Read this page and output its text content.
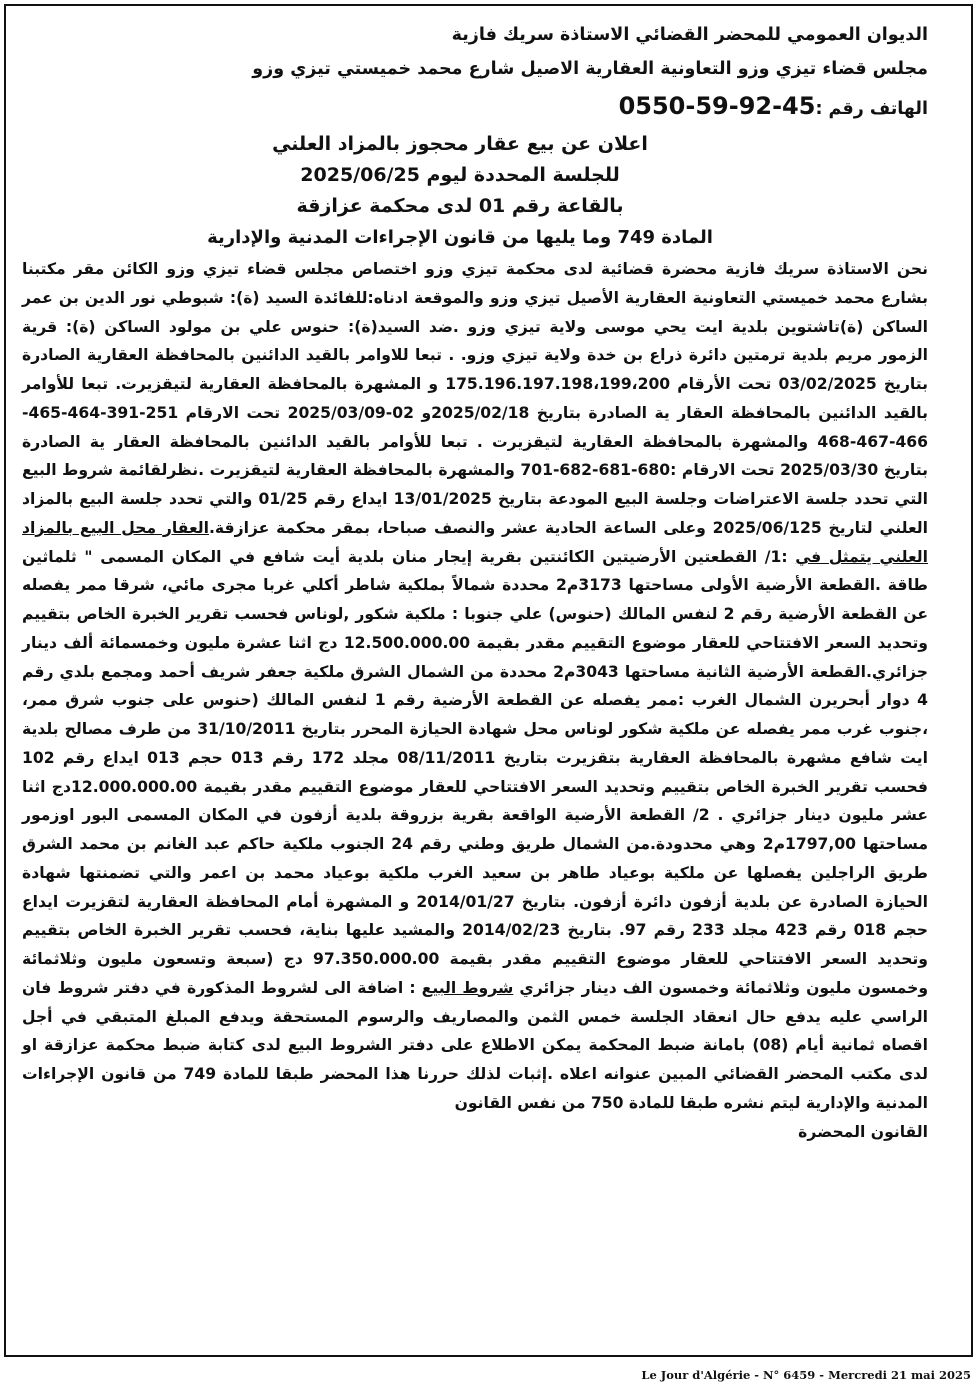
الديوان العمومي للمحضر القضائي الاستاذة سريك فازية
مجلس قضاء تيزي وزو التعاونية العقارية الاصيل شارع محمد خميستي تيزي وزو
الهاتف رقم :0550-59-92-45
اعلان عن بيع عقار محجوز بالمزاد العلني
للجلسة المحددة ليوم 2025/06/25
بالقاعة رقم 01 لدى محكمة عزازقة
المادة 749 وما يليها من قانون الإجراءات المدنية والإدارية
نحن الاستاذة سريك فازية محضرة قضائية لدى محكمة تيزي وزو اختصاص مجلس قضاء تيزي وزو الكائن مقر مكتبنا بشارع محمد خميستي التعاونية العقارية الأصيل تيزي وزو والموقعة ادناه:للفائدة السيد (ة): شبوطي نور الدين بن عمر الساكن (ة)تاشتوين بلدية ايت يحي موسى ولاية تيزي وزو .ضد السيد(ة): حنوس علي بن مولود الساكن (ة): قرية الزمور مريم بلدية ترمتين دائرة ذراع بن خدة ولاية تيزي وزو. . تبعا للاوامر بالقيد الدائنين بالمحافظة العقارية الصادرة بتاريخ 03/02/2025 تحت الأرقام 175.196.197.198،199،200 و المشهرة بالمحافظة العقارية لتيقزيرت. تبعا للأوامر بالقيد الدائنين بالمحافظة العقار ية الصادرة بتاريخ 2025/02/18و 02-2025/03/09 تحت الارقام 251-391-464-465-466-467-468 والمشهرة بالمحافظة العقارية لتيقزيرت . تبعا للأوامر بالقيد الدائنين بالمحافظة العقار ية الصادرة بتاريخ 2025/03/30 تحت الارقام :680-681-682-701 والمشهرة بالمحافظة العقارية لتيقزيرت .نظرلقائمة شروط البيع التي تحدد جلسة الاعتراضات وجلسة البيع المودعة بتاريخ 13/01/2025 ايداع رقم 01/25 والتي تحدد جلسة البيع بالمزاد العلني لتاريخ 2025/06/125 وعلى الساعة الحادية عشر والنصف صباحا، بمقر محكمة عزازقة.العقار محل البيع بالمزاد العلني يتمثل في :1/ القطعتين الأرضيتين الكائنتين بقرية إيجار منان بلدية أيت شافع في المكان المسمى " ثلماثين طاقة .القطعة الأرضية الأولى مساحتها 3173م2 محددة شمالاً بملكية شاطر أكلي غربا مجرى مائي، شرقا ممر يفصله عن القطعة الأرضية رقم 2 لنفس المالك (حنوس) علي جنوبا : ملكية شكور ,لوناس فحسب تقرير الخبرة الخاص بتقييم وتحديد السعر الافتتاحي للعقار موضوع التقييم مقدر بقيمة 12.500.000.00 دج اثنا عشرة مليون وخمسمائة ألف دينار جزائري.القطعة الأرضية الثانية مساحتها 3043م2 محددة من الشمال الشرق ملكية جعفر شريف أحمد ومجمع بلدي رقم 4 دوار أبحريرن الشمال الغرب :ممر يفصله عن القطعة الأرضية رقم 1 لنفس المالك (حنوس على جنوب شرق ممر، ،جنوب غرب ممر يفصله عن ملكية شكور لوناس محل شهادة الحيازة المحرر بتاريخ 31/10/2011 من طرف مصالح بلدية ايت شافع مشهرة بالمحافظة العقارية بتقزيرت بتاريخ 08/11/2011 مجلد 172 رقم 013 حجم 013 ايداع رقم 102 فحسب تقرير الخبرة الخاص بتقييم وتحديد السعر الافتتاحي للعقار موضوع التقييم مقدر بقيمة 12.000.000.00دج اثنا عشر مليون دينار جزائري . 2/ القطعة الأرضية الواقعة بقرية بزروقة بلدية أزفون في المكان المسمى البور اوزمور مساحتها 1797,00م2 وهي محدودة.من الشمال طريق وطني رقم 24 الجنوب ملكية حاكم عبد الغانم بن محمد الشرق طريق الراجلين يفصلها عن ملكية بوعياد طاهر بن سعيد الغرب ملكية بوعياد محمد بن اعمر والتي تضمنتها شهادة الحيازة الصادرة عن بلدية أزفون دائرة أزفون. بتاريخ 2014/01/27 و المشهرة أمام المحافظة العقارية لتقزيرت ايداع حجم 018 رقم 423 مجلد 233 رقم 97. بتاريخ 2014/02/23 والمشيد عليها بناية، فحسب تقرير الخبرة الخاص بتقييم وتحديد السعر الافتتاحي للعقار موضوع التقييم مقدر بقيمة 97.350.000.00 دج (سبعة وتسعون مليون وثلاثمائة وخمسون مليون وثلاثمائة وخمسون الف دينار جزائري شروط البيع : اضافة الى لشروط المذكورة في دفتر شروط فان الراسي عليه يدفع حال انعقاد الجلسة خمس الثمن والمصاريف والرسوم المستحقة ويدفع المبلغ المتبقي في أجل اقصاه ثمانية أيام (08) بامانة ضبط المحكمة يمكن الاطلاع على دفتر الشروط البيع لدى كتابة ضبط محكمة عزازقة او لدى مكتب المحضر القضائي المبين عنوانه اعلاه .إثبات لذلك حررنا هذا المحضر طبقا للمادة 749 من قانون الإجراءات المدنية والإدارية ليتم نشره طبقا للمادة 750 من نفس القانون
القانون المحضرة
Le Jour d'Algérie - N° 6459 - Mercredi 21 mai 2025
